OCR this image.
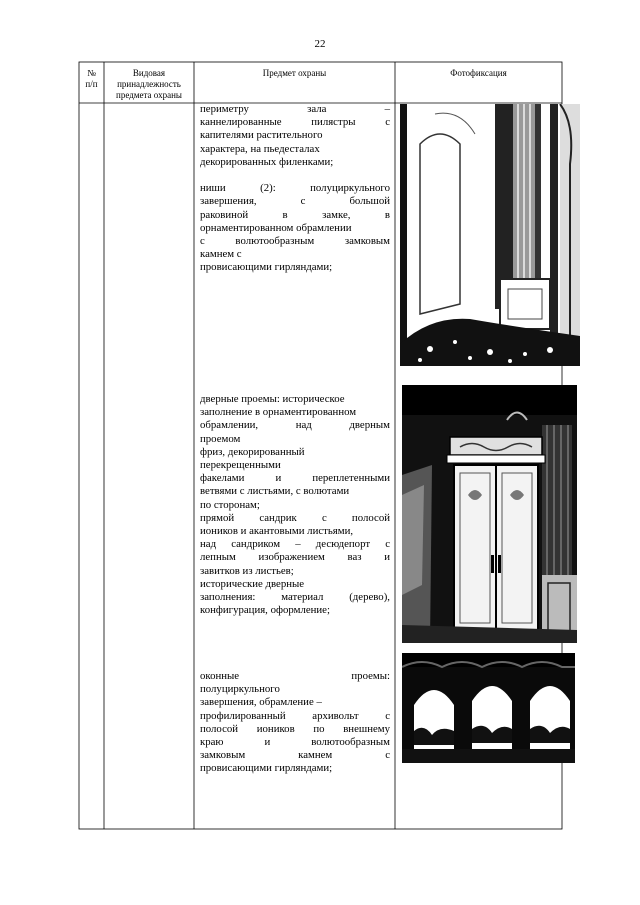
22
№
п/п
Видовая
принадлежность
предмета охраны
Предмет охраны	Фотофиксация

периметру зала –

каннелированные пилястры с

капителями растительного

характера, на пьедесталах

декорированных филенками;

ниши (2): полуциркульного

завершения, с большой

раковиной в замке, в

орнаментированном обрамлении

с волютообразным замковым

камнем с

провисающими гирляндами;

дверные проемы: историческое

заполнение в орнаментированном

обрамлении, над дверным

проемом

фриз, декорированный

перекрещенными

факелами и переплетенными

ветвями с листьями, с волютами

по сторонам;

прямой сандрик с полосой

иоников и акантовыми листьями,

над сандриком – десюдепорт с

лепным изображением ваз и

завитков из листьев;

исторические дверные

заполнения: материал (дерево),

конфигурация, оформление;

оконные проемы:

полуциркульного

завершения, обрамление –

профилированный архивольт с

полосой иоников по внешнему

краю и волютообразным

замковым камнем с

провисающими гирляндами;
